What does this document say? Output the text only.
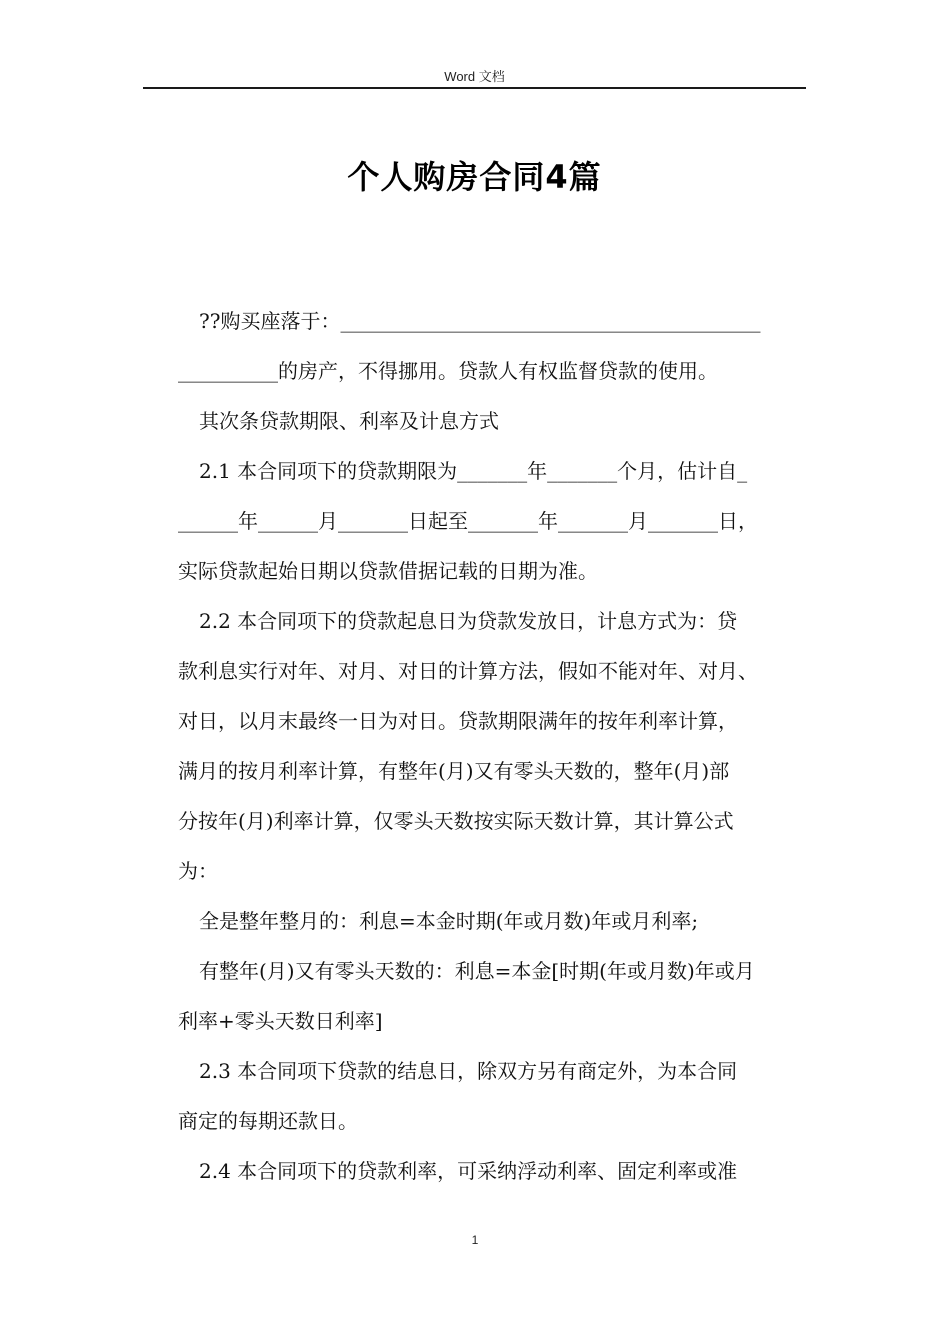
Word 文档
个人购房合同4篇
??购买座落于：__________________________________________
__________的房产，不得挪用。贷款人有权监督贷款的使用。
其次条贷款期限、利率及计息方式
2.1 本合同项下的贷款期限为_______年_______个月，估计自_
______年______月_______日起至_______年_______月_______日，
实际贷款起始日期以贷款借据记载的日期为准。
2.2 本合同项下的贷款起息日为贷款发放日，计息方式为：贷
款利息实行对年、对月、对日的计算方法，假如不能对年、对月、
对日，以月末最终一日为对日。贷款期限满年的按年利率计算，
满月的按月利率计算，有整年(月)又有零头天数的，整年(月)部
分按年(月)利率计算，仅零头天数按实际天数计算，其计算公式
为：
全是整年整月的：利息=本金时期(年或月数)年或月利率;
有整年(月)又有零头天数的：利息=本金[时期(年或月数)年或月
利率+零头天数日利率]
2.3 本合同项下贷款的结息日，除双方另有商定外，为本合同
商定的每期还款日。
2.4 本合同项下的贷款利率，可采纳浮动利率、固定利率或准
1
